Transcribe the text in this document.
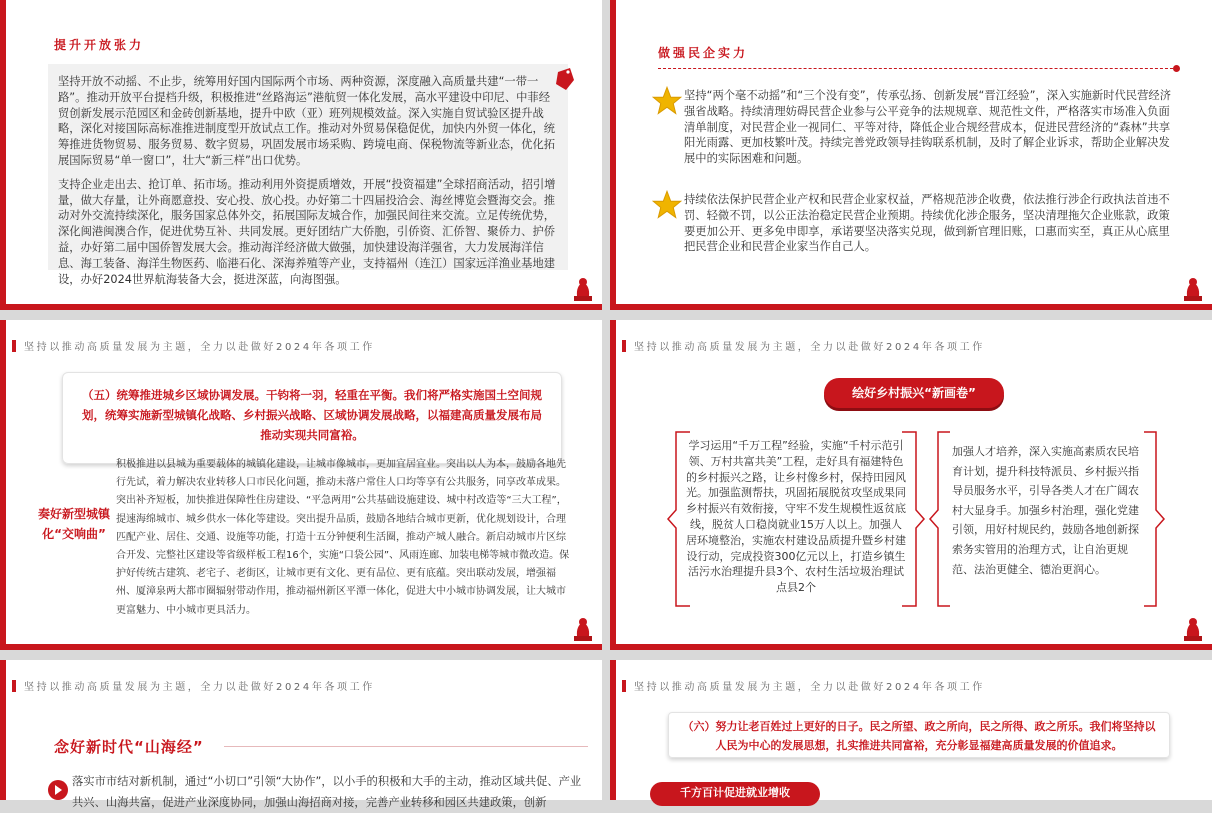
提升开放张力
坚持开放不动摇、不止步，统筹用好国内国际两个市场、两种资源，深度融入高质量共建“一带一路”。推动开放平台提档升级，积极推进“丝路海运”港航贸一体化发展，高水平建设中印尼、中菲经贸创新发展示范园区和金砖创新基地，提升中欧（亚）班列规模效益。深入实施自贸试验区提升战略，深化对接国际高标准推进制度型开放试点工作。推动对外贸易保稳促优，加快内外贸一体化，统筹推进货物贸易、服务贸易、数字贸易，巩固发展市场采购、跨境电商、保税物流等新业态，优化拓展国际贸易“单一窗口”，壮大“新三样”出口优势。
支持企业走出去、抢订单、拓市场。推动利用外资提质增效，开展“投资福建”全球招商活动，招引增量，做大存量，让外商愿意投、安心投、放心投。办好第二十四届投洽会、海丝博览会暨海交会。推动对外交流持续深化，服务国家总体外交，拓展国际友城合作，加强民间往来交流。立足传统优势，深化闽港闽澳合作，促进优势互补、共同发展。更好团结广大侨胞，引侨资、汇侨智、聚侨力、护侨益，办好第二届中国侨智发展大会。推动海洋经济做大做强，加快建设海洋强省，大力发展海洋信息、海工装备、海洋生物医药、临港石化、深海养殖等产业，支持福州（连江）国家远洋渔业基地建设，办好2024世界航海装备大会，挺进深蓝，向海图强。
做强民企实力
坚持“两个毫不动摇”和“三个没有变”，传承弘扬、创新发展“晋江经验”，深入实施新时代民营经济强省战略。持续清理妨碍民营企业参与公平竞争的法规规章、规范性文件，严格落实市场准入负面清单制度，对民营企业一视同仁、平等对待，降低企业合规经营成本，促进民营经济的“森林”共享阳光雨露、更加枝繁叶茂。持续完善党政领导挂钩联系机制，及时了解企业诉求，帮助企业解决发展中的实际困难和问题。
持续依法保护民营企业产权和民营企业家权益，严格规范涉企收费，依法推行涉企行政执法首违不罚、轻微不罚，以公正法治稳定民营企业预期。持续优化涉企服务，坚决清理拖欠企业账款，政策要更加公开、更多免申即享，承诺要坚决落实兑现，做到新官理旧账，口惠而实至，真正从心底里把民营企业和民营企业家当作自己人。
坚持以推动高质量发展为主题，全力以赴做好2024年各项工作
（五）统筹推进城乡区域协调发展。干钧将一羽，轻重在平衡。我们将严格实施国土空间规划，统筹实施新型城镇化战略、乡村振兴战略、区域协调发展战略，以福建高质量发展布局推动实现共同富裕。
奏好新型城镇化“交响曲”
积极推进以县城为重要载体的城镇化建设，让城市像城市，更加宜居宜业。突出以人为本，鼓励各地先行先试，着力解决农业转移人口市民化问题，推动未落户常住人口均等享有公共服务，同享改革成果。突出补齐短板，加快推进保障性住房建设、“平急两用”公共基础设施建设、城中村改造等“三大工程”，提速海绵城市、城乡供水一体化等建设。突出提升品质，鼓励各地结合城市更新，优化规划设计，合理匹配产业、居住、交通、设施等功能，打造十五分钟便利生活圈，推动产城人融合。新启动城市片区综合开发、完整社区建设等省级样板工程16个，实施“口袋公园”、风雨连廊、加装电梯等城市微改造。保护好传统古建筑、老宅子、老街区，让城市更有文化、更有品位、更有底蕴。突出联动发展，增强福州、厦漳泉两大都市圈辐射带动作用，推动福州新区平潭一体化，促进大中小城市协调发展，让大城市更富魅力、中小城市更具活力。
坚持以推动高质量发展为主题，全力以赴做好2024年各项工作
绘好乡村振兴“新画卷”
学习运用“千万工程”经验，实施“千村示范引领、万村共富共美”工程，走好具有福建特色的乡村振兴之路，让乡村像乡村，保持田园风光。加强监测帮扶，巩固拓展脱贫攻坚成果同乡村振兴有效衔接，守牢不发生规模性返贫底线，脱贫人口稳岗就业15万人以上。加强人居环境整治，实施农村建设品质提升暨乡村建设行动，完成投资300亿元以上，打造乡镇生活污水治理提升县3个、农村生活垃圾治理试点县2个
加强人才培养，深入实施高素质农民培育计划，提升科技特派员、乡村振兴指导员服务水平，引导各类人才在广阔农村大显身手。加强乡村治理，强化党建引领，用好村规民约，鼓励各地创新探索务实管用的治理方式，让自治更规范、法治更健全、德治更润心。
坚持以推动高质量发展为主题，全力以赴做好2024年各项工作
念好新时代“山海经”
落实市市结对新机制，通过“小切口”引领“大协作”，以小手的积极和大手的主动，推动区域共促、产业共兴、山海共富，促进产业深度协同，加强山海招商对接，完善产业转移和园区共建政策，创新
坚持以推动高质量发展为主题，全力以赴做好2024年各项工作
（六）努力让老百姓过上更好的日子。民之所望、政之所向，民之所得、政之所乐。我们将坚持以人民为中心的发展思想，扎实推进共同富裕，充分彰显福建高质量发展的价值追求。
千方百计促进就业增收
